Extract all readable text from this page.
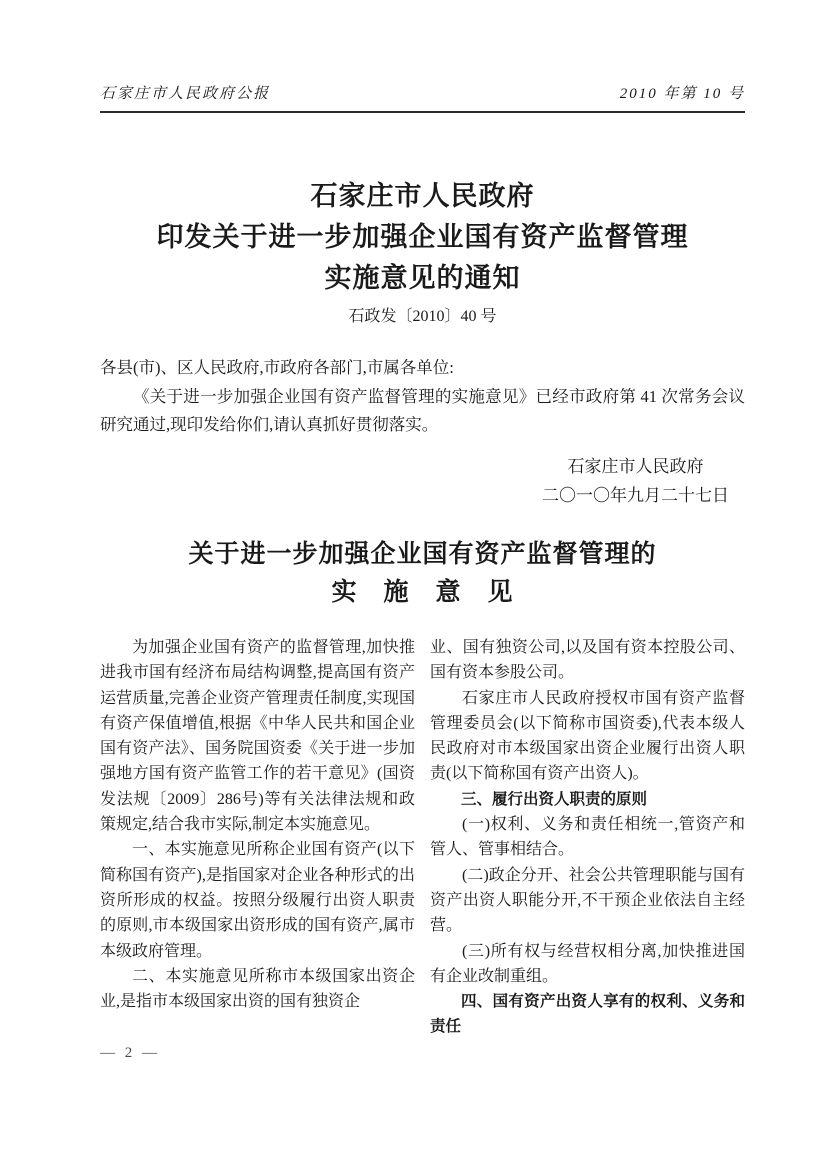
石家庄市人民政府公报	2010 年第 10 号
石家庄市人民政府
印发关于进一步加强企业国有资产监督管理
实施意见的通知
石政发〔2010〕40 号

各县(市)、区人民政府,市政府各部门,市属各单位:

《关于进一步加强企业国有资产监督管理的实施意见》已经市政府第 41 次常务会议研究通过,现印发给你们,请认真抓好贯彻落实。

石家庄市人民政府
二〇一〇年九月二十七日
关于进一步加强企业国有资产监督管理的
实　施　意　见

为加强企业国有资产的监督管理,加快推进我市国有经济布局结构调整,提高国有资产运营质量,完善企业资产管理责任制度,实现国有资产保值增值,根据《中华人民共和国企业国有资产法》、国务院国资委《关于进一步加强地方国有资产监管工作的若干意见》(国资发法规〔2009〕286号)等有关法律法规和政策规定,结合我市实际,制定本实施意见。

一、本实施意见所称企业国有资产(以下简称国有资产),是指国家对企业各种形式的出资所形成的权益。按照分级履行出资人职责的原则,市本级国家出资形成的国有资产,属市本级政府管理。

二、本实施意见所称市本级国家出资企业,是指市本级国家出资的国有独资企

业、国有独资公司,以及国有资本控股公司、国有资本参股公司。

石家庄市人民政府授权市国有资产监督管理委员会(以下简称市国资委),代表本级人民政府对市本级国家出资企业履行出资人职责(以下简称国有资产出资人)。

三、履行出资人职责的原则

(一)权利、义务和责任相统一,管资产和管人、管事相结合。

(二)政企分开、社会公共管理职能与国有资产出资人职能分开,不干预企业依法自主经营。

(三)所有权与经营权相分离,加快推进国有企业改制重组。

四、国有资产出资人享有的权利、义务和责任

— 2 —
